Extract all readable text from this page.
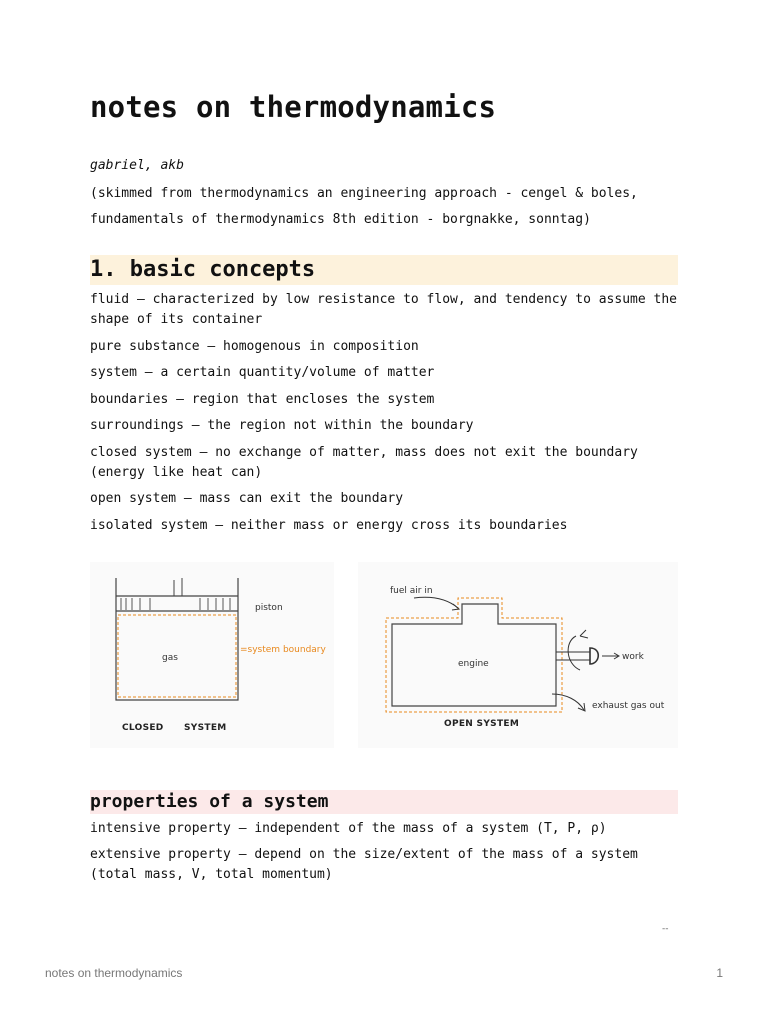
notes on thermodynamics
gabriel, akb
(skimmed from thermodynamics an engineering approach - cengel & boles,
fundamentals of thermodynamics 8th edition - borgnakke, sonntag)
1. basic concepts
fluid — characterized by low resistance to flow, and tendency to assume the shape of its container
pure substance — homogenous in composition
system — a certain quantity/volume of matter
boundaries — region that encloses the system
surroundings — the region not within the boundary
closed system — no exchange of matter, mass does not exit the boundary (energy like heat can)
open system — mass can exit the boundary
isolated system — neither mass or energy cross its boundaries
piston
gas
=system boundary
CLOSED SYSTEM
fuel air in
engine
work
exhaust gas out
OPEN SYSTEM
properties of a system
intensive property — independent of the mass of a system (T, P, ρ)
extensive property — depend on the size/extent of the mass of a system (total mass, V, total momentum)
--
notes on thermodynamics	1
